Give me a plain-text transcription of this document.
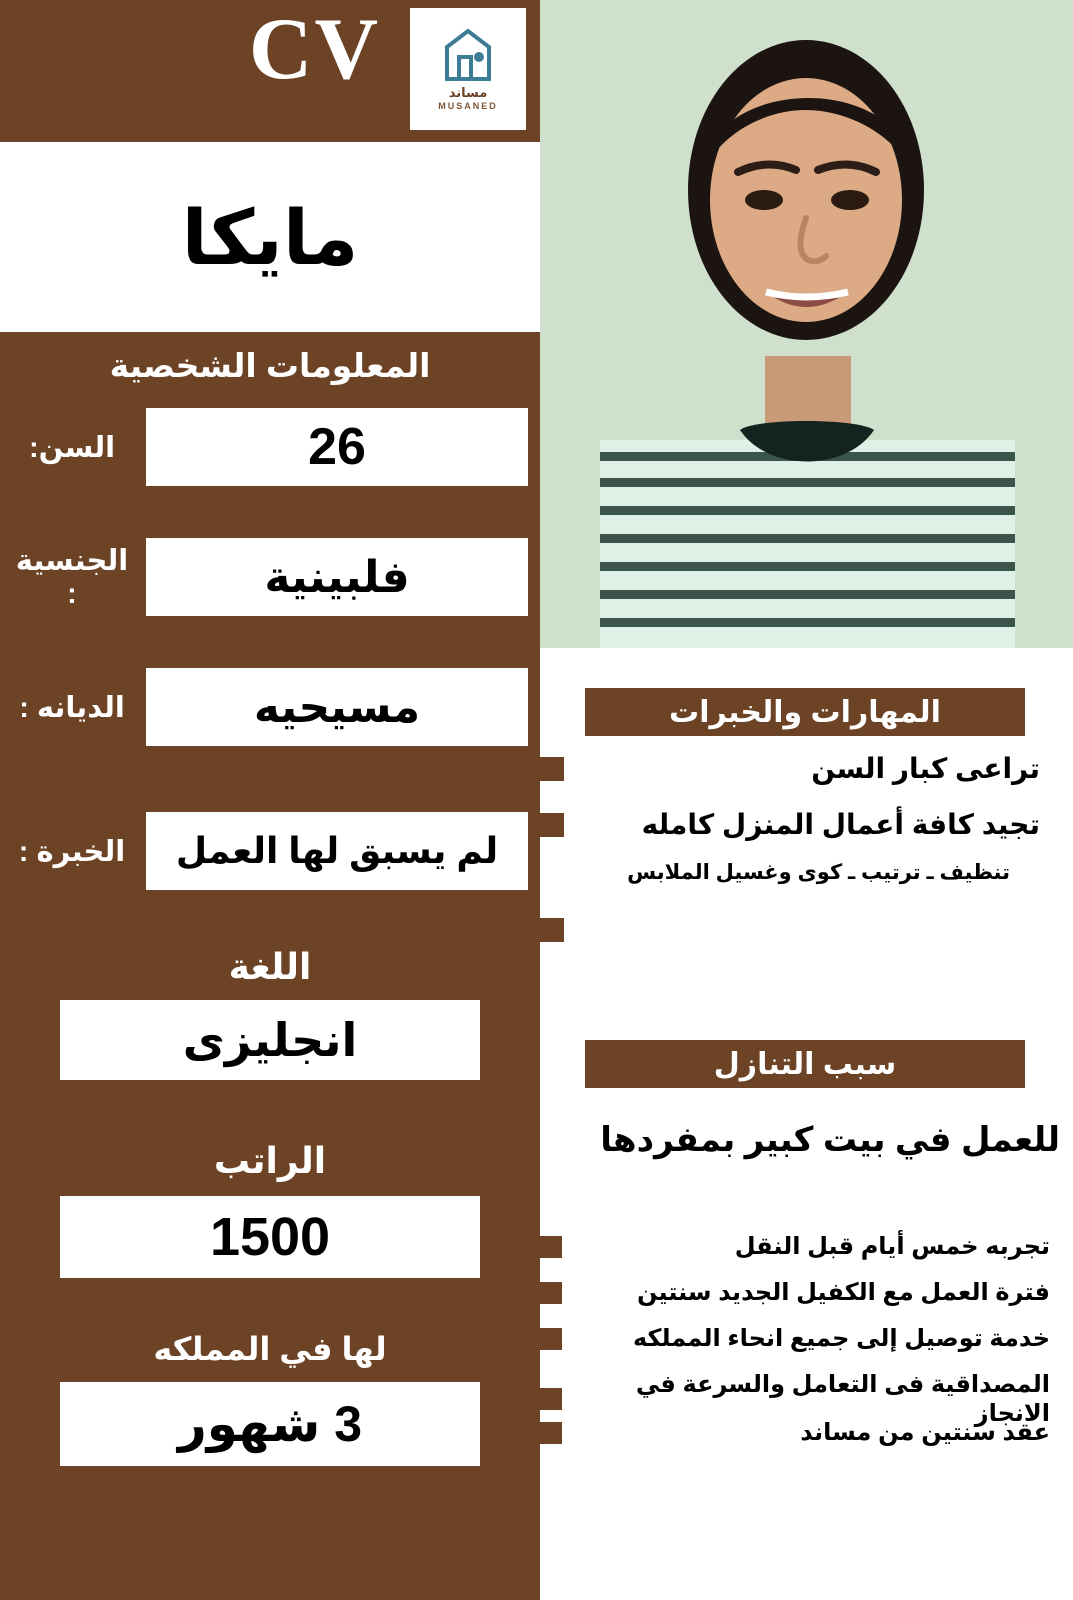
CV	مساند
MUSANED
مايكا
المعلومات الشخصية
26
السن:
فلبينية
الجنسية :
مسيحيه
الديانه :
لم يسبق لها العمل
الخبرة :
اللغة
انجليزى
الراتب
1500
لها في المملكه
3 شهور
المهارات والخبرات
تراعى كبار السن
تجيد كافة أعمال المنزل كامله
تنظيف ـ ترتيب ـ كوى وغسيل الملابس
سبب التنازل
للعمل في بيت كبير بمفردها
تجربه خمس أيام قبل النقل
فترة العمل مع الكفيل الجديد سنتين
خدمة توصيل إلى جميع انحاء المملكه
المصداقية فى التعامل والسرعة في الانجاز
عقد سنتين من مساند
